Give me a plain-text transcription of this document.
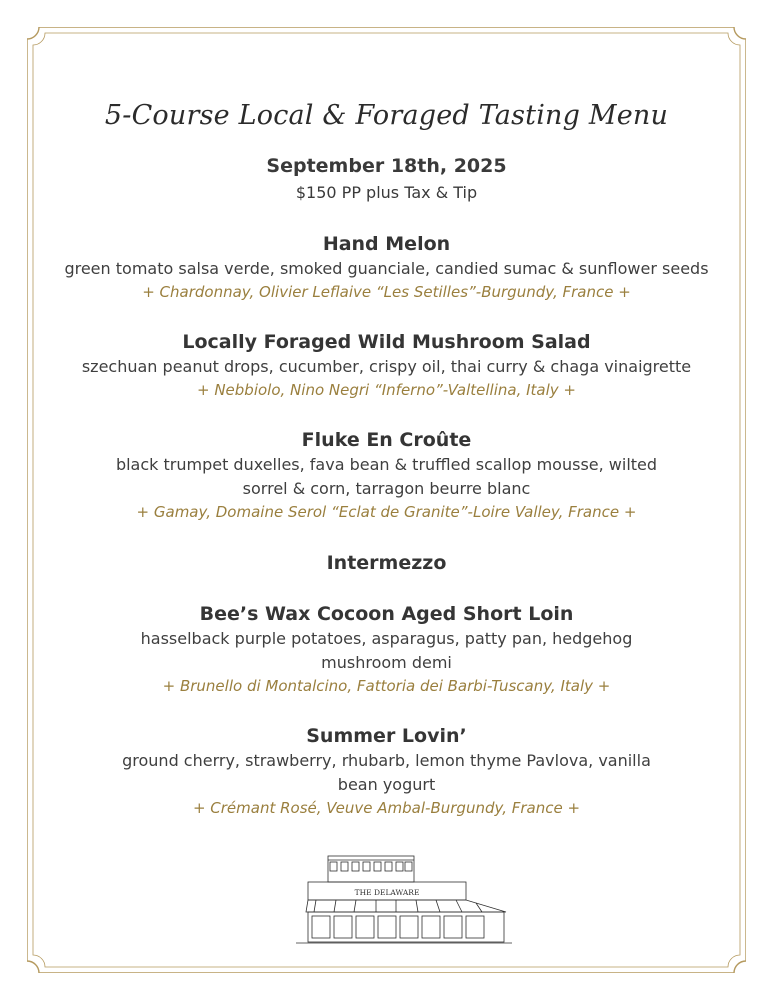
5-Course Local & Foraged Tasting Menu
September 18th, 2025
$150 PP plus Tax & Tip
Hand Melon
green tomato salsa verde, smoked guanciale, candied sumac & sunflower seeds
+ Chardonnay, Olivier Leflaive “Les Setilles”-Burgundy, France +
Locally Foraged Wild Mushroom Salad
szechuan peanut drops, cucumber, crispy oil, thai curry & chaga vinaigrette
+ Nebbiolo, Nino Negri “Inferno”-Valtellina, Italy +
Fluke En Croûte
black trumpet duxelles, fava bean & truffled scallop mousse, wilted sorrel & corn, tarragon beurre blanc
+ Gamay, Domaine Serol “Eclat de Granite”-Loire Valley, France +
Intermezzo
Bee’s Wax Cocoon Aged Short Loin
hasselback purple potatoes, asparagus, patty pan, hedgehog mushroom demi
+ Brunello di Montalcino, Fattoria dei Barbi-Tuscany, Italy +
Summer Lovin’
ground cherry, strawberry, rhubarb, lemon thyme Pavlova, vanilla bean yogurt
+ Crémant Rosé, Veuve Ambal-Burgundy, France +
THE DELAWARE
